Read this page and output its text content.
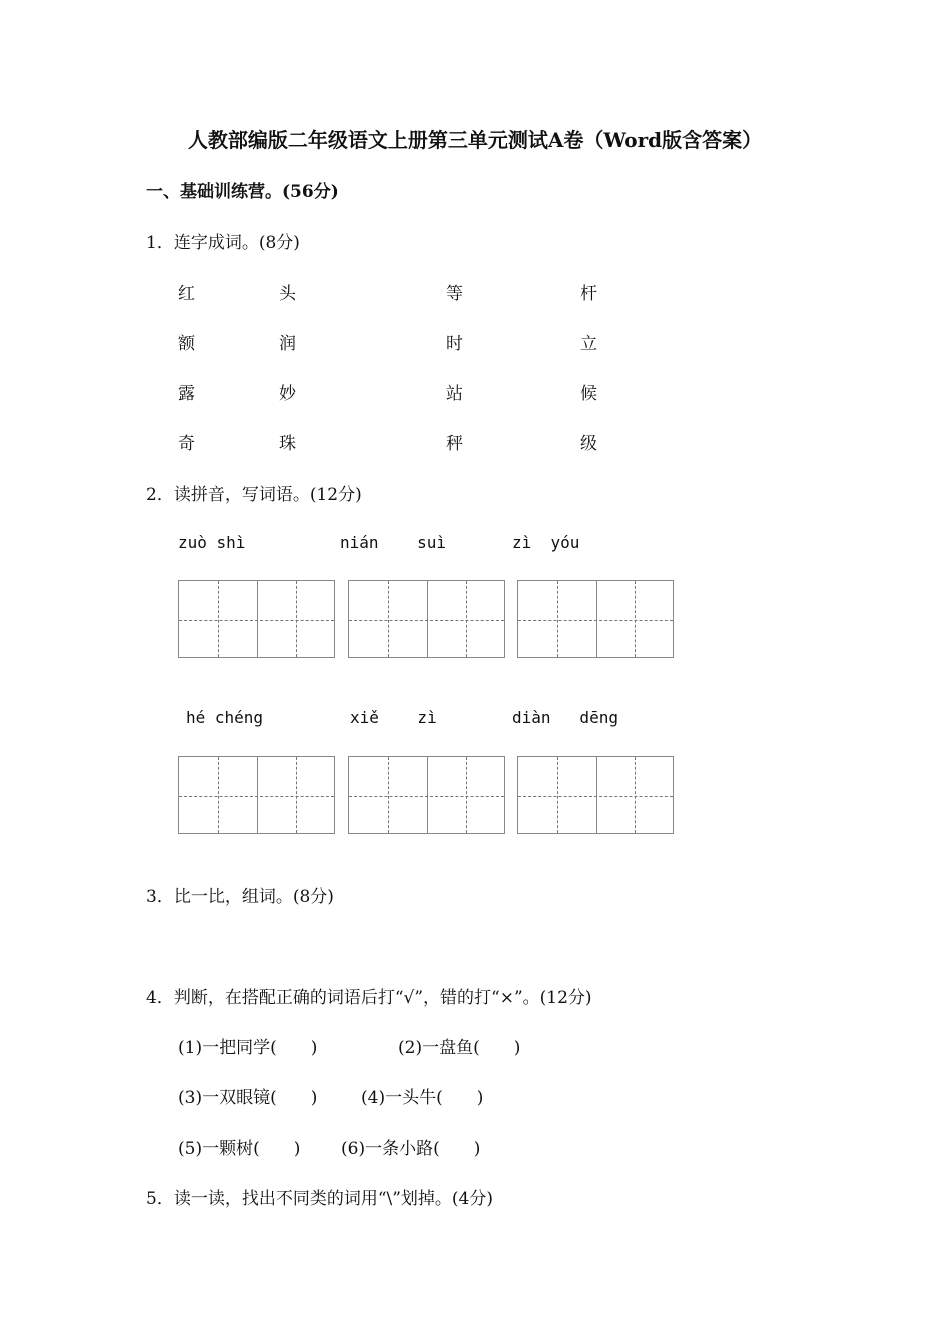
人教部编版二年级语文上册第三单元测试A卷（Word版含答案）
一、基础训练营。(56分)
1．连字成词。(8分)
红	头	等	杆
额	润	时	立
露	妙	站	候
奇	珠	秤	级
2．读拼音，写词语。(12分)
zuò shì	nián    suì	zì  yóu
hé chéng	xiě    zì	diàn   dēng
3．比一比，组词。(8分)
4．判断，在搭配正确的词语后打“√”，错的打“×”。(12分)
(1)一把同学(　　)	(2)一盘鱼(　　)
(3)一双眼镜(　　)	(4)一头牛(　　)
(5)一颗树(　　) (6)一条小路(　　)
5．读一读，找出不同类的词用“\”划掉。(4分)
